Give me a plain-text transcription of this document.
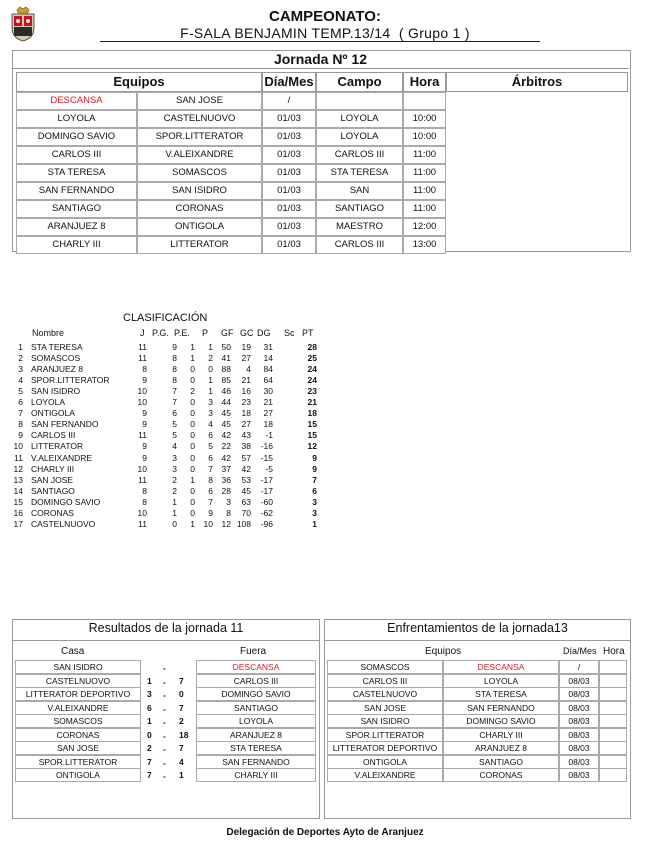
CAMPEONATO:
F-SALA BENJAMIN TEMP.13/14 ( Grupo 1 )
Jornada Nº 12
Equipos	Día/Mes	Campo	Hora	Árbitros
DESCANSA	SAN JOSE	/
LOYOLA	CASTELNUOVO	01/03	LOYOLA	10:00
DOMINGO SAVIO	SPOR.LITTERATOR	01/03	LOYOLA	10:00
CARLOS III	V.ALEIXANDRE	01/03	CARLOS III	11:00
STA TERESA	SOMASCOS	01/03	STA TERESA	11:00
SAN FERNANDO	SAN ISIDRO	01/03	SAN	11:00
SANTIAGO	CORONAS	01/03	SANTIAGO	11:00
ARANJUEZ 8	ONTIGOLA	01/03	MAESTRO	12:00
CHARLY III	LITTERATOR	01/03	CARLOS III	13:00
CLASIFICACIÓN
Nombre	J P.G. P.E. P GF GC DG Sc PT
1 STA TERESA	11	9 1 1 50 19 31	28
2 SOMASCOS	11	8 1 2 41 27 14	25
3 ARANJUEZ 8	8	8 0 0 88 4 84	24
4 SPOR.LITTERATOR	9	8 0 1 85 21 64	24
5 SAN ISIDRO	10	7 2 1 46 16 30	23
6 LOYOLA	10	7 0 3 44 23 21	21
7 ONTIGOLA	9	6 0 3 45 18 27	18
8 SAN FERNANDO	9	5 0 4 45 27 18	15
9 CARLOS III	11	5 0 6 42 43 -1	15
10 LITTERATOR	9	4 0 5 22 38 -16	12
11 V.ALEIXANDRE	9	3 0 6 42 57 -15	9
12 CHARLY III	10	3 0 7 37 42 -5	9
13 SAN JOSE	11	2 1 8 36 53 -17	7
14 SANTIAGO	8	2 0 6 28 45 -17	6
15 DOMINGO SAVIO	8	1 0 7 3 63 -60	3
16 CORONAS	10	1 0 9 8 70 -62	3
17 CASTELNUOVO	11	0 1 10 12 108 -96	1
Resultados de la jornada 11
Casa	Fuera
SAN ISIDRO	-	DESCANSA
CASTELNUOVO	1 - 7	CARLOS III
LITTERATOR DEPORTIVO	3 - 0	DOMINGO SAVIO
V.ALEIXANDRE	6 - 7	SANTIAGO
SOMASCOS	1 - 2	LOYOLA
CORONAS	0 - 18	ARANJUEZ 8
SAN JOSE	2 - 7	STA TERESA
SPOR.LITTERATOR	7 - 4	SAN FERNANDO
ONTIGOLA	7 - 1	CHARLY III
Enfrentamientos de la jornada13
Equipos	Día/Mes Hora
SOMASCOS	DESCANSA	/
CARLOS III	LOYOLA	08/03
CASTELNUOVO	STA TERESA	08/03
SAN JOSE	SAN FERNANDO	08/03
SAN ISIDRO	DOMINGO SAVIO	08/03
SPOR.LITTERATOR	CHARLY III	08/03
LITTERATOR DEPORTIVO	ARANJUEZ 8	08/03
ONTIGOLA	SANTIAGO	08/03
V.ALEIXANDRE	CORONAS	08/03
Delegación de Deportes Ayto de Aranjuez
